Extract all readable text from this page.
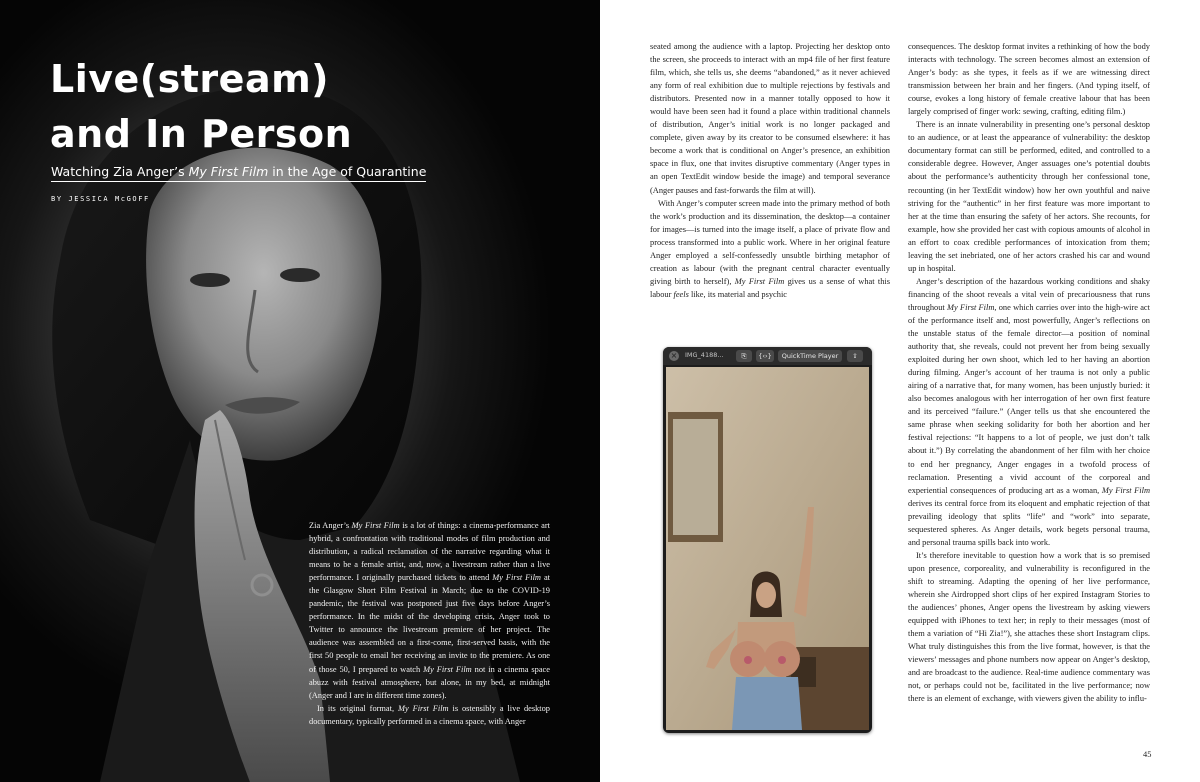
Live(stream)
and In Person
Watching Zia Anger’s My First Film in the Age of Quarantine
BY JESSICA McGOFF

Zia Anger’s My First Film is a lot of things: a cinema-performance art hybrid, a confrontation with traditional modes of film production and distribution, a radical reclamation of the narrative regarding what it means to be a female artist, and, now, a livestream rather than a live performance. I originally purchased tickets to attend My First Film at the Glasgow Short Film Festival in March; due to the COVID-19 pandemic, the festival was postponed just five days before Anger’s performance. In the midst of the developing crisis, Anger took to Twitter to announce the livestream premiere of her project. The audience was assembled on a first-come, first-served basis, with the first 50 people to email her receiving an invite to the premiere. As one of those 50, I prepared to watch My First Film not in a cinema space abuzz with festival atmosphere, but alone, in my bed, at midnight (Anger and I are in different time zones).

In its original format, My First Film is ostensibly a live desktop documentary, typically performed in a cinema space, with Anger

seated among the audience with a laptop. Projecting her desktop onto the screen, she proceeds to interact with an mp4 file of her first feature film, which, she tells us, she deems “abandoned,” as it never achieved any form of real exhibition due to multiple rejections by festivals and distributors. Presented now in a manner totally opposed to how it would have been seen had it found a place within traditional channels of distribution, Anger’s initial work is no longer packaged and complete, given away by its creator to be consumed elsewhere: it has become a work that is conditional on Anger’s presence, an exhibition space in flux, one that invites disruptive commentary (Anger types in an open TextEdit window beside the image) and temporal severance (Anger pauses and fast-forwards the film at will).

With Anger’s computer screen made into the primary method of both the work’s production and its dissemination, the desktop—a container for images—is turned into the image itself, a place of private flow and process transformed into a public work. Where in her original feature Anger employed a self-confessedly unsubtle birthing metaphor of creation as labour (with the pregnant central character eventually giving birth to herself), My First Film gives us a sense of what this labour feels like, its material and psychic

× IMG_4188...	⎘	{‹›}	QuickTime Player	⇪

consequences. The desktop format invites a rethinking of how the body interacts with technology. The screen becomes almost an extension of Anger’s body: as she types, it feels as if we are witnessing direct transmission between her brain and her fingers. (And typing itself, of course, evokes a long history of female creative labour that has been largely comprised of finger work: sewing, crafting, editing film.)

There is an innate vulnerability in presenting one’s personal desktop to an audience, or at least the appearance of vulnerability: the desktop documentary format can still be performed, edited, and controlled to a considerable degree. However, Anger assuages one’s potential doubts about the performance’s authenticity through her confessional tone, recounting (in her TextEdit window) how her own youthful and naive striving for the “authentic” in her first feature was more important to her at the time than ensuring the safety of her actors. She recounts, for example, how she provided her cast with copious amounts of alcohol in an effort to coax credible performances of intoxication from them; leaving the set inebriated, one of her actors crashed his car and wound up in hospital.

Anger’s description of the hazardous working conditions and shaky financing of the shoot reveals a vital vein of precariousness that runs throughout My First Film, one which carries over into the high-wire act of the performance itself and, most powerfully, Anger’s reflections on the unstable status of the female director—a position of nominal authority that, she reveals, could not prevent her from being sexually exploited during her own shoot, which led to her having an abortion during filming. Anger’s account of her trauma is not only a public airing of a narrative that, for many women, has been unjustly buried: it also becomes analogous with her interrogation of her own first feature and its perceived “failure.” (Anger tells us that she encountered the same phrase when seeking solidarity for both her abortion and her festival rejections: “It happens to a lot of people, we just don’t talk about it.”) By correlating the abandonment of her film with her choice to end her pregnancy, Anger engages in a twofold process of reclamation. Presenting a vivid account of the corporeal and experiential consequences of producing art as a woman, My First Film derives its central force from its eloquent and emphatic rejection of that prevailing ideology that splits “life” and “work” into separate, sequestered spheres. As Anger details, work begets personal trauma, and personal trauma spills back into work.

It’s therefore inevitable to question how a work that is so premised upon presence, corporeality, and vulnerability is reconfigured in the shift to streaming. Adapting the opening of her live performance, wherein she Airdropped short clips of her expired Instagram Stories to the audiences’ phones, Anger opens the livestream by asking viewers equipped with iPhones to text her; in reply to their messages (most of them a variation of “Hi Zia!”), she attaches these short Instagram clips. What truly distinguishes this from the live format, however, is that the viewers’ messages and phone numbers now appear on Anger’s desktop, and are broadcast to the audience. Real-time audience commentary was not, or perhaps could not be, facilitated in the live performance; now there is an element of exchange, with viewers given the ability to influ-

45
